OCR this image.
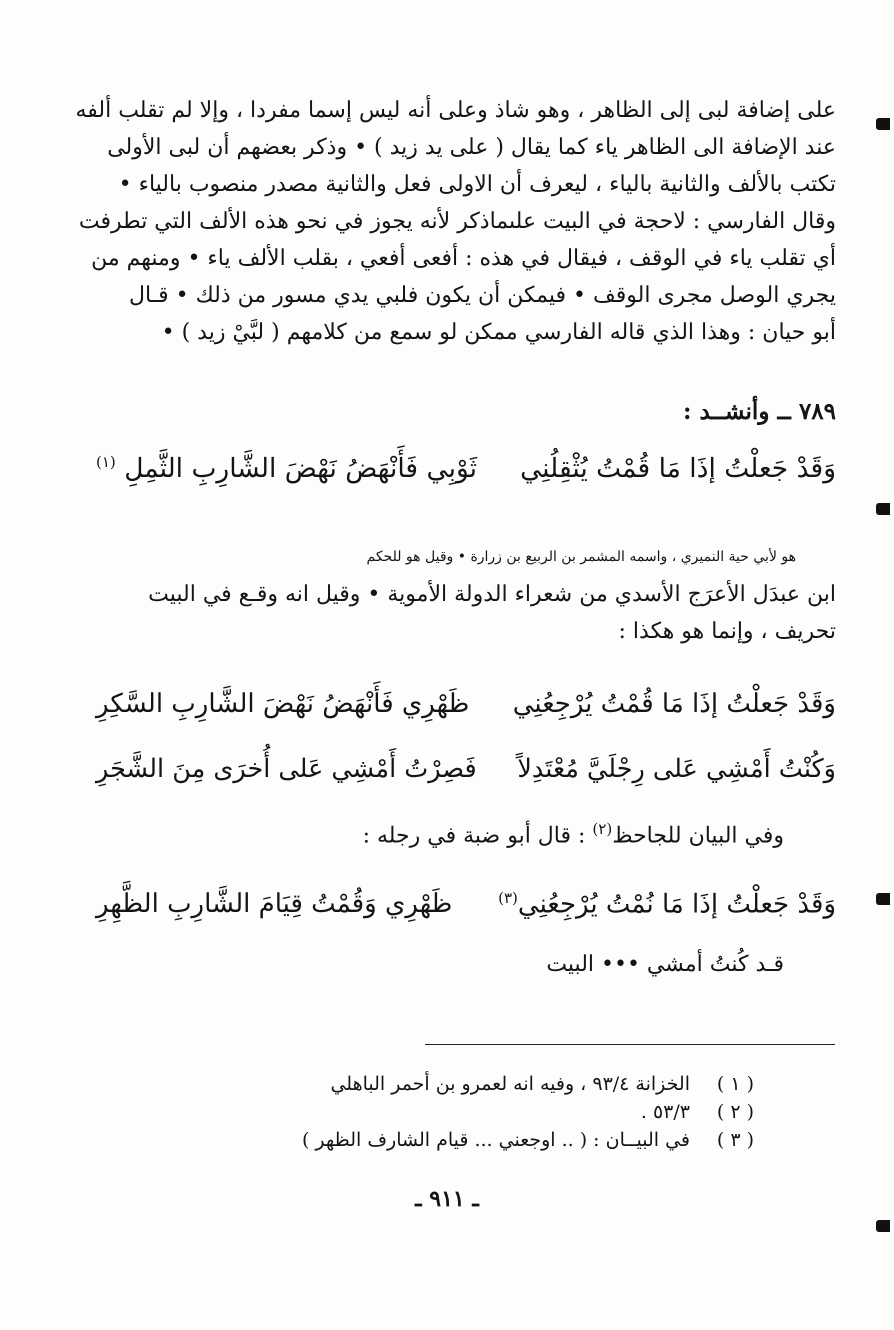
على إضافة لبى إلى الظاهر ، وهو شاذ وعلى أنه ليس إسما مفردا ، وإلا لم تقلب ألفه
عند الإضافة الى الظاهر ياء كما يقال ( على يد زيد ) • وذكر بعضهم أن لبى الأولى
تكتب بالألف والثانية بالياء ، ليعرف أن الاولى فعل والثانية مصدر منصوب بالياء •
وقال الفارسي : لاحجة في البيت علىماذكر لأنه يجوز في نحو هذه الألف التي تطرفت
أي تقلب ياء في الوقف ، فيقال في هذه : أفعى أفعي ، بقلب الألف ياء • ومنهم من
يجري الوصل مجرى الوقف • فيمكن أن يكون فلبي يدي مسور من ذلك • قـال
أبو حيان : وهذا الذي قاله الفارسي ممكن لو سمع من كلامهم ( لبَّيْ زيد ) •

٧٨٩ ــ وأنشــد :
وَقَدْ جَعلْتُ إذَا مَا قُمْتُ يُثْقِلُنِي
ثَوْبِي فَأَنْهَضُ نَهْضَ الشَّارِبِ الثَّمِلِ $^{(١)}$

هو لأبي حية النميري ، واسمه المشمر بن الربيع بن زرارة • وقيل هو للحكم
ابن عبدَل الأعرَج الأسدي من شعراء الدولة الأموية • وقيل انه وقـع في البيت
تحريف ، وإنما هو هكذا :

وَقَدْ جَعلْتُ إذَا مَا قُمْتُ يُرْجِعُنِي
ظَهْرِي فَأَنْهَضُ نَهْضَ الشَّارِبِ السَّكِرِ
وَكُنْتُ أَمْشِي عَلى رِجْلَيَّ مُعْتَدِلاً
فَصِرْتُ أَمْشِي عَلى أُخرَى مِنَ الشَّجَرِ
وفي البيان للجاحظ$^{(٢)}$ : قال أبو ضبة في رجله :
وَقَدْ جَعلْتُ إذَا مَا نُمْتُ يُرْجِعُنِي$^{(٣)}$
ظَهْرِي وَقُمْتُ قِيَامَ الشَّارِبِ الظَّهِرِ
قـد كُنتُ أمشي ••• البيت
( ١ )
الخزانة ٩٣/٤ ، وفيه انه لعمرو بن أحمر الباهلي
( ٢ )
٥٣/٣ .
( ٣ )
في البيــان : ( .. اوجعني ... قيام الشارف الظهر )
ـ ٩١١ ـ
